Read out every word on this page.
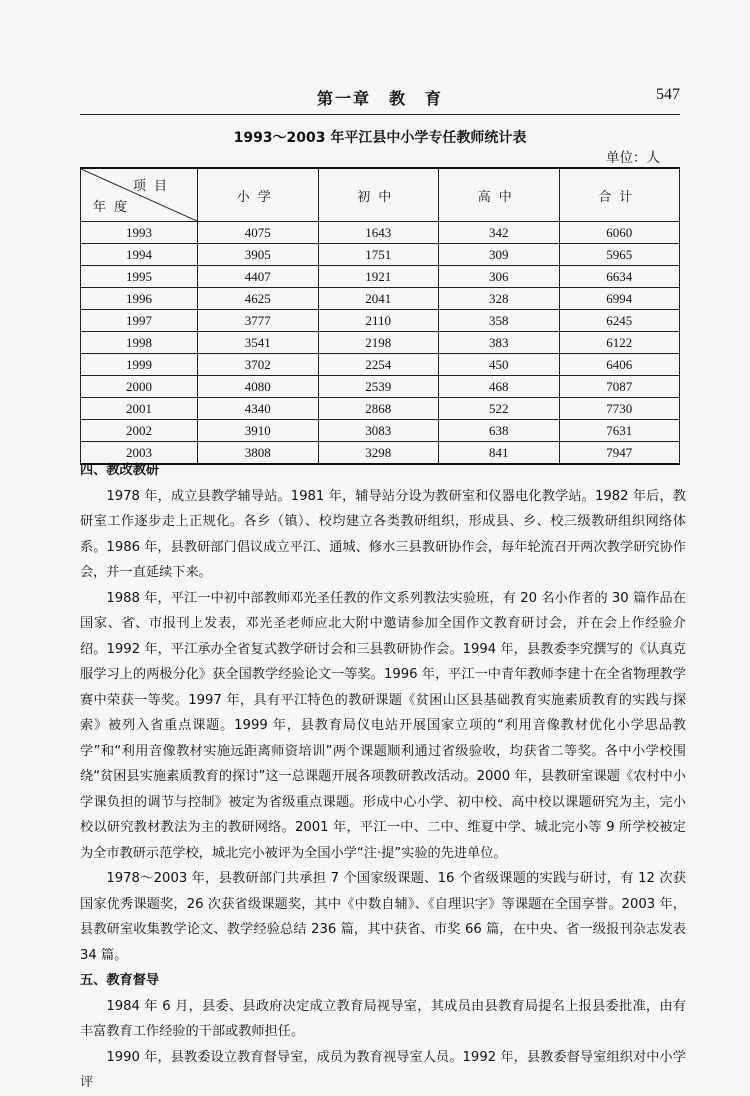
第一章　教　育	547
1993～2003 年平江县中小学专任教师统计表
单位：人
项目
年度	小学	初中	高中	合计
1993	4075	1643	342	6060
1994	3905	1751	309	5965
1995	4407	1921	306	6634
1996	4625	2041	328	6994
1997	3777	2110	358	6245
1998	3541	2198	383	6122
1999	3702	2254	450	6406
2000	4080	2539	468	7087
2001	4340	2868	522	7730
2002	3910	3083	638	7631
2003	3808	3298	841	7947
四、教改教研

1978 年，成立县教学辅导站。1981 年，辅导站分设为教研室和仪器电化教学站。1982 年后，教研室工作逐步走上正规化。各乡（镇）、校均建立各类教研组织，形成县、乡、校三级教研组织网络体系。1986 年，县教研部门倡议成立平江、通城、修水三县教研协作会，每年轮流召开两次教学研究协作会，并一直延续下来。

1988 年，平江一中初中部教师邓光圣任教的作文系列教法实验班，有 20 名小作者的 30 篇作品在国家、省、市报刊上发表，邓光圣老师应北大附中邀请参加全国作文教育研讨会，并在会上作经验介绍。1992 年，平江承办全省复式教学研讨会和三县教研协作会。1994 年，县教委李究撰写的《认真克服学习上的两极分化》获全国教学经验论文一等奖。1996 年，平江一中青年教师李建十在全省物理教学赛中荣获一等奖。1997 年，具有平江特色的教研课题《贫困山区县基础教育实施素质教育的实践与探索》被列入省重点课题。1999 年，县教育局仪电站开展国家立项的“利用音像教材优化小学思品教学”和“利用音像教材实施远距离师资培训”两个课题顺利通过省级验收，均获省二等奖。各中小学校围绕“贫困县实施素质教育的探讨”这一总课题开展各项教研教改活动。2000 年，县教研室课题《农村中小学课负担的调节与控制》被定为省级重点课题。形成中心小学、初中校、高中校以课题研究为主，完小校以研究教材教法为主的教研网络。2001 年，平江一中、二中、维夏中学、城北完小等 9 所学校被定为全市教研示范学校，城北完小被评为全国小学“注·提”实验的先进单位。

1978～2003 年，县教研部门共承担 7 个国家级课题、16 个省级课题的实践与研讨，有 12 次获国家优秀课题奖，26 次获省级课题奖，其中《中数自辅》、《自理识字》等课题在全国享誉。2003 年，县教研室收集教学论文、教学经验总结 236 篇，其中获省、市奖 66 篇，在中央、省一级报刊杂志发表 34 篇。

五、教育督导

1984 年 6 月，县委、县政府决定成立教育局视导室，其成员由县教育局提名上报县委批准，由有丰富教育工作经验的干部或教师担任。

1990 年，县教委设立教育督导室，成员为教育视导室人员。1992 年，县教委督导室组织对中小学评
